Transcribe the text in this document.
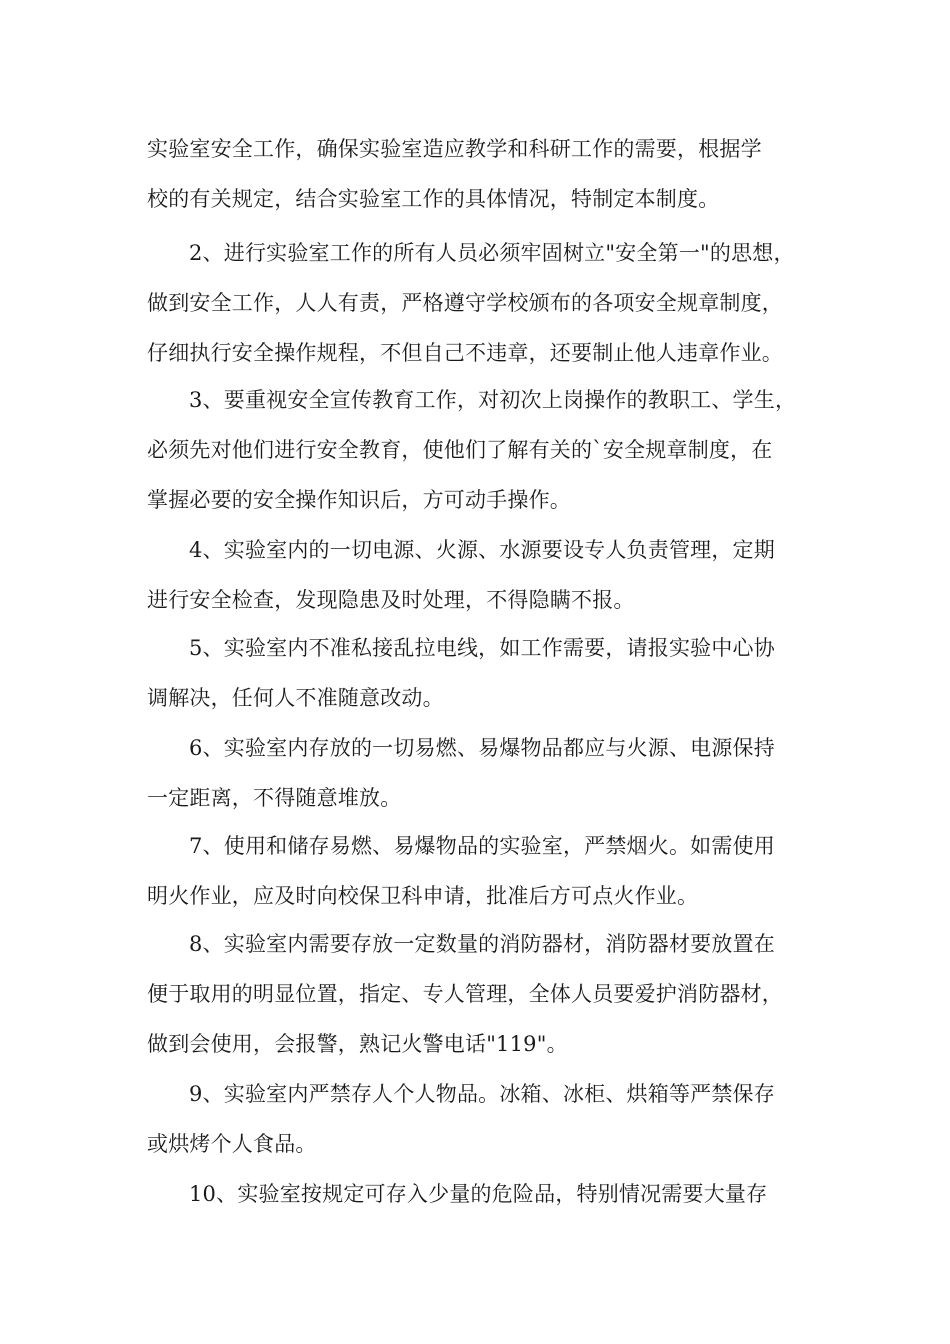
实验室安全工作，确保实验室造应教学和科研工作的需要，根据学
校的有关规定，结合实验室工作的具体情况，特制定本制度。
2、进行实验室工作的所有人员必须牢固树立"安全第一"的思想，
做到安全工作，人人有责，严格遵守学校颁布的各项安全规章制度，
仔细执行安全操作规程，不但自己不违章，还要制止他人违章作业。
3、要重视安全宣传教育工作，对初次上岗操作的教职工、学生，
必须先对他们进行安全教育，使他们了解有关的`安全规章制度，在
掌握必要的安全操作知识后，方可动手操作。
4、实验室内的一切电源、火源、水源要设专人负责管理，定期
进行安全检查，发现隐患及时处理，不得隐瞒不报。
5、实验室内不准私接乱拉电线，如工作需要，请报实验中心协
调解决，任何人不准随意改动。
6、实验室内存放的一切易燃、易爆物品都应与火源、电源保持
一定距离，不得随意堆放。
7、使用和储存易燃、易爆物品的实验室，严禁烟火。如需使用
明火作业，应及时向校保卫科申请，批准后方可点火作业。
8、实验室内需要存放一定数量的消防器材，消防器材要放置在
便于取用的明显位置，指定、专人管理，全体人员要爱护消防器材，
做到会使用，会报警，熟记火警电话"119"。
9、实验室内严禁存人个人物品。冰箱、冰柜、烘箱等严禁保存
或烘烤个人食品。
10、实验室按规定可存入少量的危险品，特别情况需要大量存
